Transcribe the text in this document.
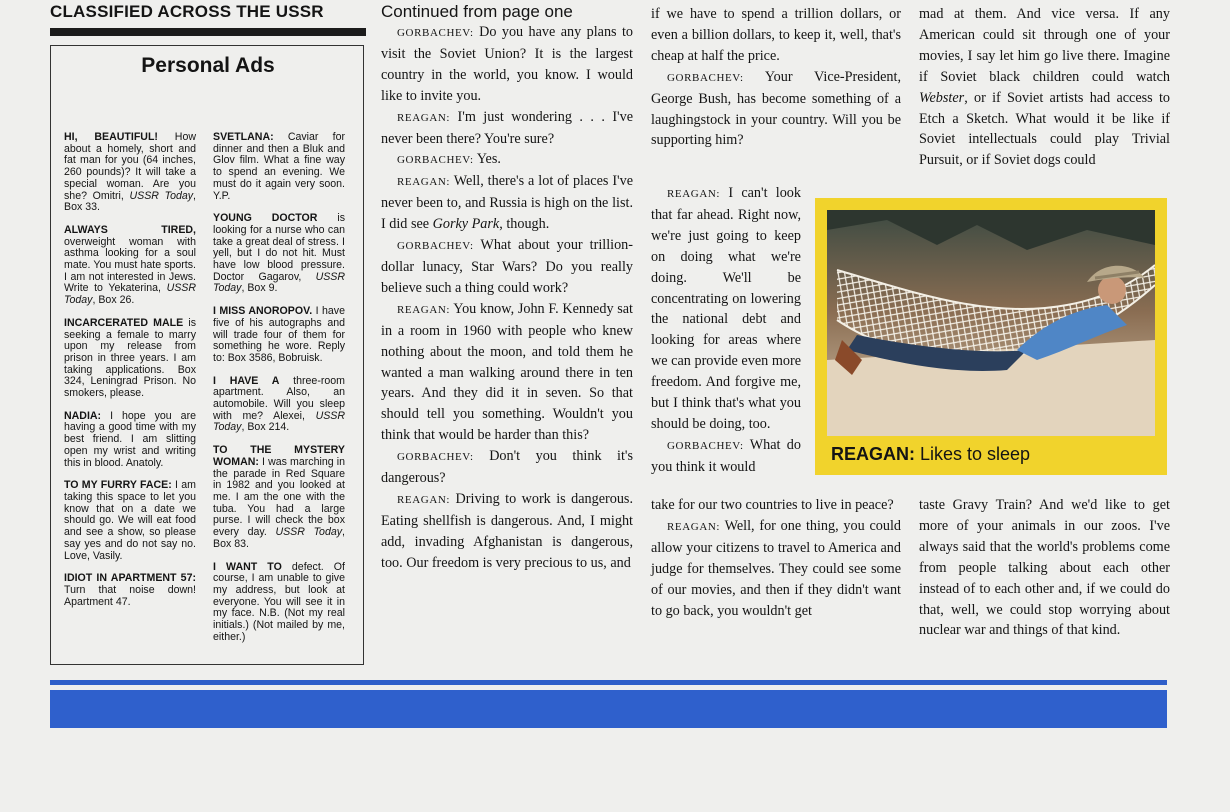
CLASSIFIED ACROSS THE USSR
Personal Ads

HI, BEAUTIFUL! How about a homely, short and fat man for you (64 inches, 260 pounds)? It will take a special woman. Are you she? Omitri, USSR Today, Box 33.

ALWAYS TIRED, overweight woman with asthma looking for a soul mate. You must hate sports. I am not interested in Jews. Write to Yekaterina, USSR Today, Box 26.

INCARCERATED MALE is seeking a female to marry upon my release from prison in three years. I am taking applications. Box 324, Leningrad Prison. No smokers, please.

NADIA: I hope you are having a good time with my best friend. I am slitting open my wrist and writing this in blood. Anatoly.

TO MY FURRY FACE: I am taking this space to let you know that on a date we should go. We will eat food and see a show, so please say yes and do not say no. Love, Vasily.

IDIOT IN APARTMENT 57: Turn that noise down! Apartment 47.

SVETLANA: Caviar for dinner and then a Bluk and Glov film. What a fine way to spend an evening. We must do it again very soon. Y.P.

YOUNG DOCTOR is looking for a nurse who can take a great deal of stress. I yell, but I do not hit. Must have low blood pressure. Doctor Gagarov, USSR Today, Box 9.

I MISS ANOROPOV. I have five of his autographs and will trade four of them for something he wore. Reply to: Box 3586, Bobruisk.

I HAVE A three-room apartment. Also, an automobile. Will you sleep with me? Alexei, USSR Today, Box 214.

TO THE MYSTERY WOMAN: I was marching in the parade in Red Square in 1982 and you looked at me. I am the one with the tuba. You had a large purse. I will check the box every day. USSR Today, Box 83.

I WANT TO defect. Of course, I am unable to give my address, but look at everyone. You will see it in my face. N.B. (Not my real initials.) (Not mailed by me, either.)

Continued from page one

GORBACHEV: Do you have any plans to visit the Soviet Union? It is the largest country in the world, you know. I would like to invite you.

REAGAN: I'm just wondering . . . I've never been there? You're sure?

GORBACHEV: Yes.

REAGAN: Well, there's a lot of places I've never been to, and Russia is high on the list. I did see Gorky Park, though.

GORBACHEV: What about your trillion-dollar lunacy, Star Wars? Do you really believe such a thing could work?

REAGAN: You know, John F. Kennedy sat in a room in 1960 with people who knew nothing about the moon, and told them he wanted a man walking around there in ten years. And they did it in seven. So that should tell you something. Wouldn't you think that would be harder than this?

GORBACHEV: Don't you think it's dangerous?

REAGAN: Driving to work is dangerous. Eating shellfish is dangerous. And, I might add, invading Afghanistan is dangerous, too. Our freedom is very precious to us, and

if we have to spend a trillion dollars, or even a billion dollars, to keep it, well, that's cheap at half the price.

GORBACHEV: Your Vice-President, George Bush, has become something of a laughingstock in your country. Will you be supporting him?

REAGAN: I can't look that far ahead. Right now, we're just going to keep on doing what we're doing. We'll be concentrating on lowering the national debt and looking for areas where we can provide even more freedom. And forgive me, but I think that's what you should be doing, too.

GORBACHEV: What do you think it would

take for our two countries to live in peace?

REAGAN: Well, for one thing, you could allow your citizens to travel to America and judge for themselves. They could see some of our movies, and then if they didn't want to go back, you wouldn't get

mad at them. And vice versa. If any American could sit through one of your movies, I say let him go live there. Imagine if Soviet black children could watch Webster, or if Soviet artists had access to Etch a Sketch. What would it be like if Soviet intellectuals could play Trivial Pursuit, or if Soviet dogs could

taste Gravy Train? And we'd like to get more of your animals in our zoos. I've always said that the world's problems come from people talking about each other instead of to each other and, if we could do that, well, we could stop worrying about nuclear war and things of that kind.

REAGAN: Likes to sleep
